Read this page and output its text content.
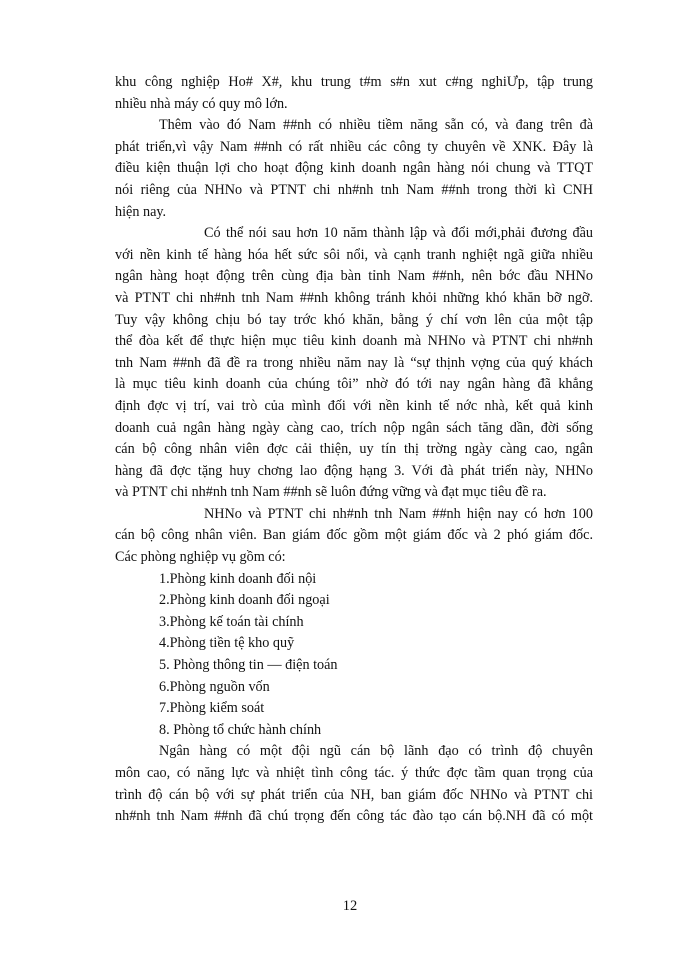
khu công nghiệp Ho# X#, khu trung t#m s#n xut c#ng nghiƯp, tập trung
nhiều nhà máy có quy mô lớn.
Thêm vào đó Nam ##nh có nhiều tiềm năng sẵn có, và đang trên đà
phát triển,vì vậy Nam ##nh có rất nhiều các công ty chuyên về XNK. Đây là
điều kiện thuận lợi cho hoạt động kinh doanh ngân hàng nói chung và TTQT
nói riêng của NHNo và PTNT chi nh#nh tnh Nam ##nh trong thời kì CNH
hiện nay.
Có thể nói sau hơn 10 năm thành lập và đổi mới,phải đương đầu
với nền kinh tế hàng hóa hết sức sôi nổi, và cạnh tranh nghiệt ngã giữa nhiều
ngân hàng hoạt động trên cùng địa bàn tỉnh Nam ##nh, nên bớc đầu NHNo
và PTNT chi nh#nh tnh Nam ##nh không tránh khỏi những khó khăn bỡ ngỡ.
Tuy vậy không chịu bó tay trớc khó khăn, bằng ý chí vơn lên của một tập
thể đòa kết để thực hiện mục tiêu kinh doanh mà NHNo và PTNT chi nh#nh
tnh Nam ##nh đã đề ra trong nhiều năm nay là “sự thịnh vợng của quý khách
là mục tiêu kinh doanh của chúng tôi” nhờ đó tới nay ngân hàng đã khẳng
định đợc vị trí, vai trò của mình đối với nền kinh tế nớc nhà, kết quả kinh
doanh cuả ngân hàng ngày càng cao, trích nộp ngân sách tăng dần, đời sống
cán bộ công nhân viên đợc cải thiện, uy tín thị trờng ngày càng cao, ngân
hàng đã đợc tặng huy chơng lao động hạng 3. Với đà phát triển này, NHNo
và PTNT chi nh#nh tnh Nam ##nh sẽ luôn đứng vững và đạt mục tiêu đề ra.
NHNo và PTNT chi nh#nh tnh Nam ##nh hiện nay có hơn 100
cán bộ công nhân viên. Ban giám đốc gồm một giám đốc và 2 phó giám đốc.
Các phòng nghiệp vụ gồm có:
1.Phòng kinh doanh đối nội
2.Phòng kinh doanh đối ngoại
3.Phòng kế toán tài chính
4.Phòng tiền tệ kho quỹ
5. Phòng thông tin — điện toán
6.Phòng nguồn vốn
7.Phòng kiểm soát
8. Phòng tổ chức hành chính
Ngân hàng có một đội ngũ cán bộ lãnh đạo có trình độ chuyên
môn cao, có năng lực và nhiệt tình công tác. ý thức đợc tầm quan trọng của
trình độ cán bộ với sự phát triển của NH, ban giám đốc NHNo và PTNT chi
nh#nh tnh Nam ##nh đã chú trọng đến công tác đào tạo cán bộ.NH đã có một
12
